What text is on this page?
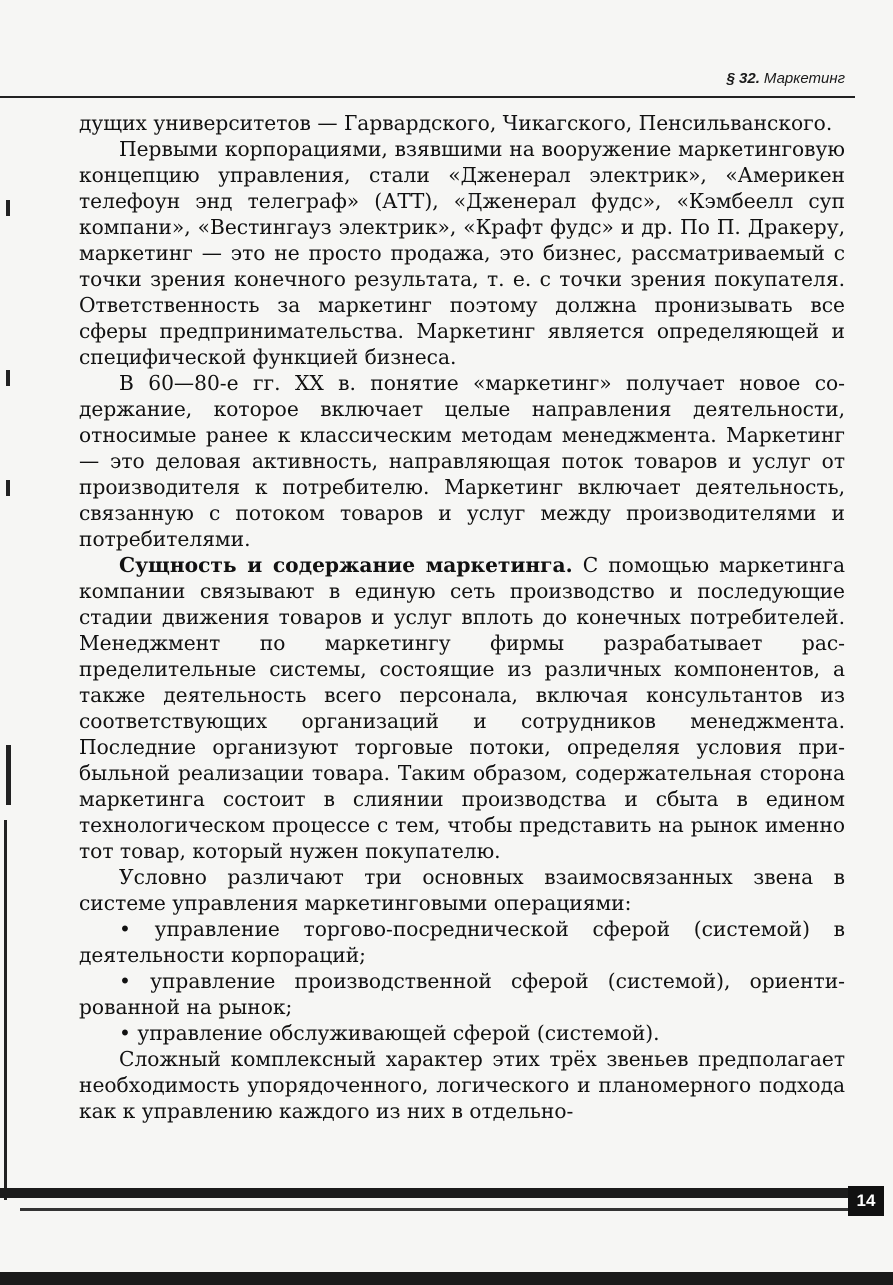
§ 32. Маркетинг

дущих университетов — Гарвардского, Чикагского, Пенсильванского.

Первыми корпорациями, взявшими на вооружение маркетинговую концепцию управления, стали «Дженерал электрик», «Америкен телефоун энд телеграф» (АТТ), «Дженерал фудс», «Кэмбеелл суп компани», «Вестингауз электрик», «Крафт фудс» и др. По П. Дракеру, маркетинг — это не просто продажа, это бизнес, рассматриваемый с точки зрения конечного результата, т. е. с точки зрения покупателя. Ответственность за маркетинг поэтому должна пронизывать все сферы предпринимательства. Маркетинг является определяющей и специфической функцией бизнеса.

В 60—80-е гг. XX в. понятие «маркетинг» получает новое содержание, которое включает целые направления деятельности, относимые ранее к классическим методам менеджмента. Маркетинг — это деловая активность, направляющая поток товаров и услуг от производителя к потребителю. Маркетинг включает деятельность, связанную с потоком товаров и услуг между производителями и потребителями.

Сущность и содержание маркетинга. С помощью маркетинга компании связывают в единую сеть производство и последующие стадии движения товаров и услуг вплоть до конечных потребителей. Менеджмент по маркетингу фирмы разрабатывает распределительные системы, состоящие из различных компонентов, а также деятельность всего персонала, включая консультантов из соответствующих организаций и сотрудников менеджмента. Последние организуют торговые потоки, определяя условия прибыльной реализации товара. Таким образом, содержательная сторона маркетинга состоит в слиянии производства и сбыта в едином технологическом процессе с тем, чтобы представить на рынок именно тот товар, который нужен покупателю.

Условно различают три основных взаимосвязанных звена в системе управления маркетинговыми операциями:

• управление торгово-посреднической сферой (системой) в деятельности корпораций;

• управление производственной сферой (системой), ориентированной на рынок;

• управление обслуживающей сферой (системой).

Сложный комплексный характер этих трёх звеньев предполагает необходимость упорядоченного, логического и планомерного подхода как к управлению каждого из них в отдельно-

14
